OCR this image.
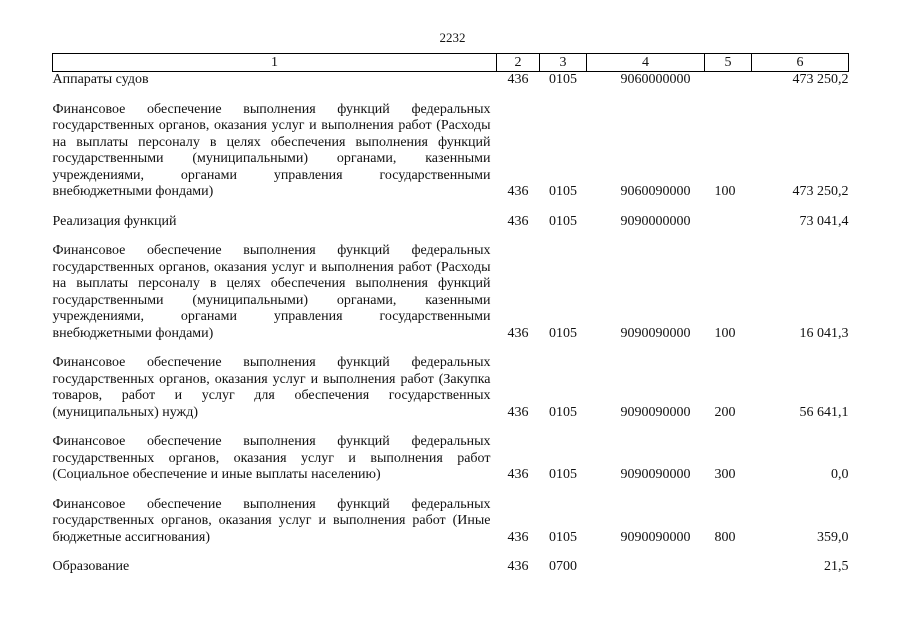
2232
1	2	3	4	5	6
Аппараты судов	436	0105	9060000000		473 250,2

Финансовое обеспечение выполнения функций федеральных государственных органов, оказания услуг и выполнения работ (Расходы на выплаты персоналу в целях обеспечения выполнения функций государственными (муниципальными) органами, казенными учреждениями, органами управления государственными внебюджетными фондами)	436	0105	9060090000	100	473 250,2

Реализация функций	436	0105	9090000000		73 041,4

Финансовое обеспечение выполнения функций федеральных государственных органов, оказания услуг и выполнения работ (Расходы на выплаты персоналу в целях обеспечения выполнения функций государственными (муниципальными) органами, казенными учреждениями, органами управления государственными внебюджетными фондами)	436	0105	9090090000	100	16 041,3

Финансовое обеспечение выполнения функций федеральных государственных органов, оказания услуг и выполнения работ (Закупка товаров, работ и услуг для обеспечения государственных (муниципальных) нужд)	436	0105	9090090000	200	56 641,1

Финансовое обеспечение выполнения функций федеральных государственных органов, оказания услуг и выполнения работ (Социальное обеспечение и иные выплаты населению)	436	0105	9090090000	300	0,0

Финансовое обеспечение выполнения функций федеральных государственных органов, оказания услуг и выполнения работ (Иные бюджетные ассигнования)	436	0105	9090090000	800	359,0

Образование	436	0700			21,5
